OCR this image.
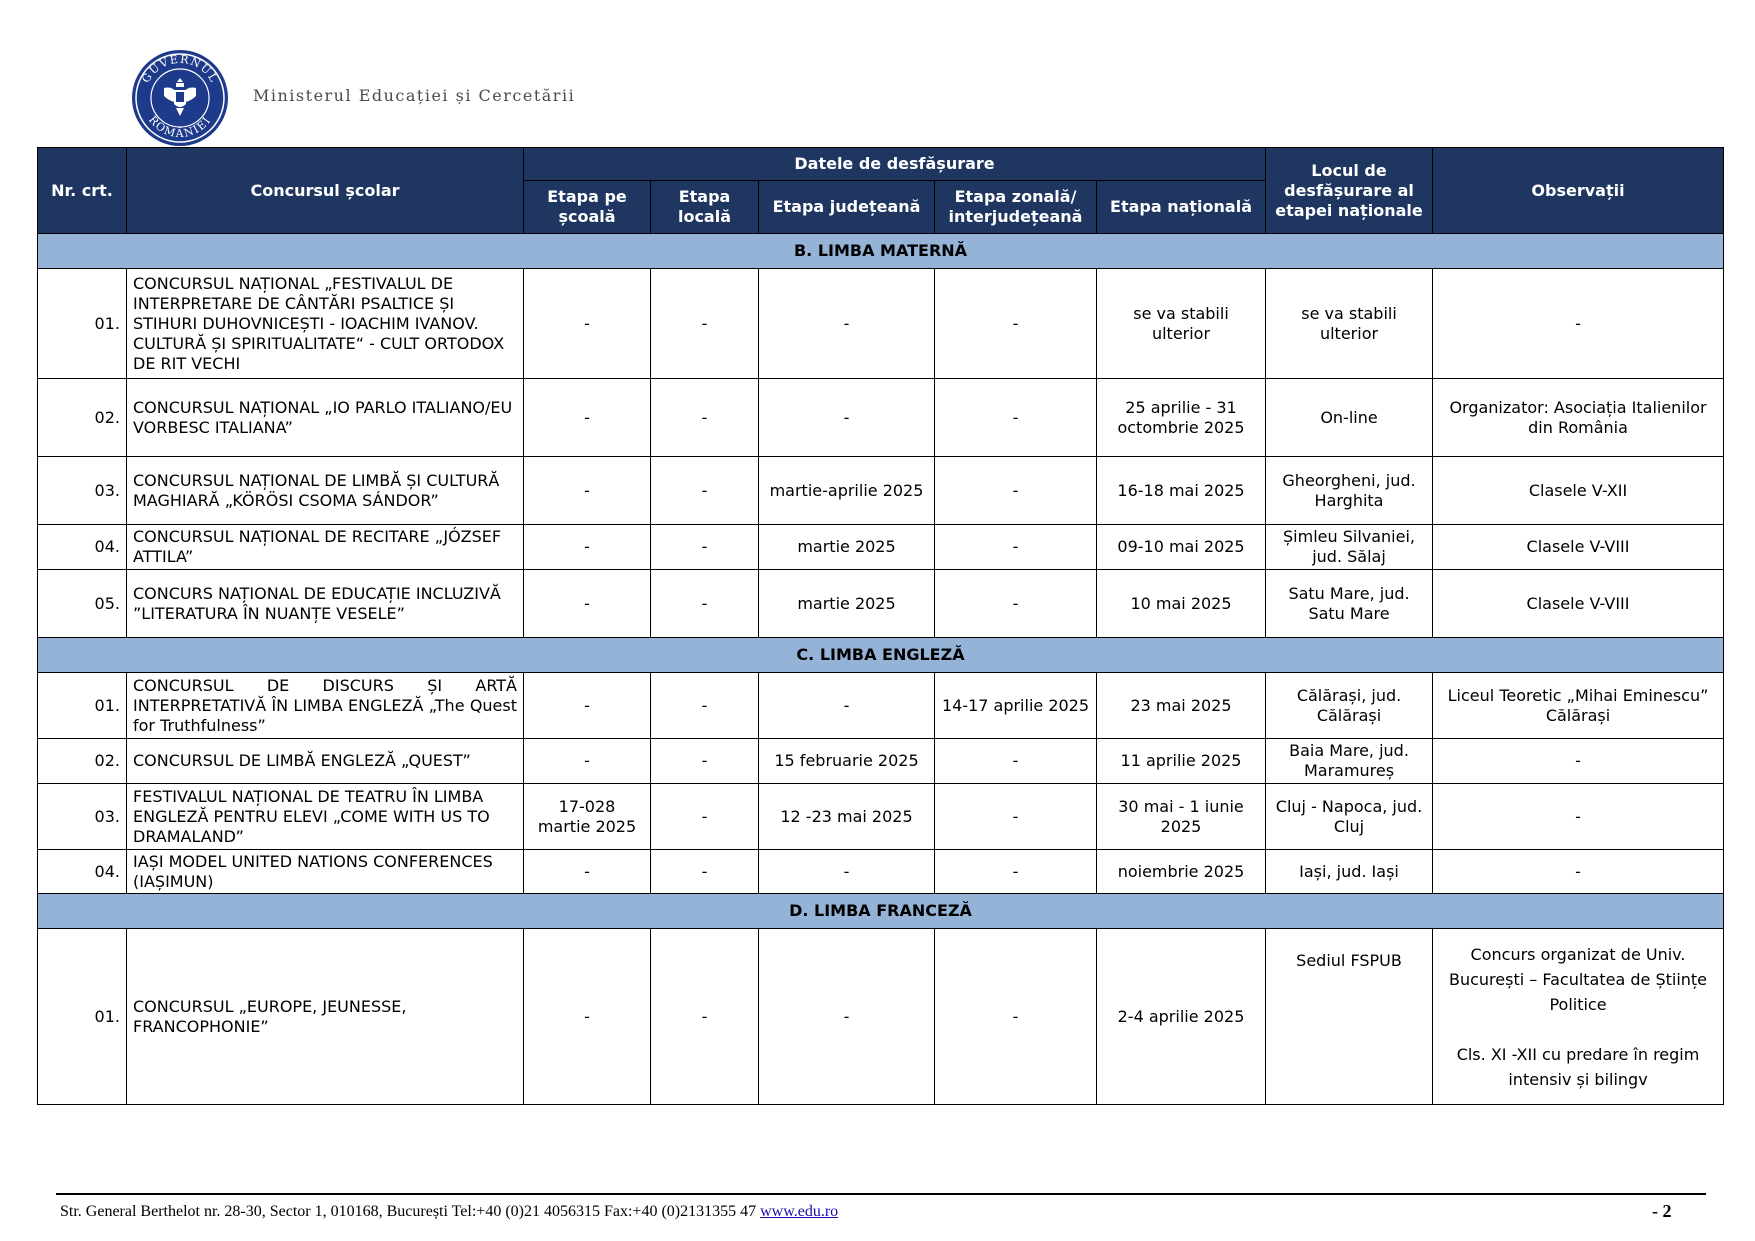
GUVERNUL
ROMÂNIEI
Ministerul Educației și Cercetării
Nr. crt.	Concursul școlar	Datele de desfășurare					Locul de desfășurare al etapei naționale	Observații
		Etapa pe școală	Etapa locală	Etapa județeană	Etapa zonală/ interjudețeană	Etapa națională		
B. LIMBA MATERNĂ								
01.	CONCURSUL NAȚIONAL „FESTIVALUL DE INTERPRETARE DE CÂNTĂRI PSALTICE ȘI STIHURI DUHOVNICEȘTI - IOACHIM IVANOV. CULTURĂ ȘI SPIRITUALITATE“ - CULT ORTODOX DE RIT VECHI	-	-	-	-	se va stabili ulterior	se va stabili ulterior	-
02.	CONCURSUL NAȚIONAL „IO PARLO ITALIANO/EU VORBESC ITALIANA”	-	-	-	-	25 aprilie - 31 octombrie 2025	On-line	Organizator: Asociația Italienilor din România
03.	CONCURSUL NAȚIONAL DE LIMBĂ ȘI CULTURĂ MAGHIARĂ „KÖRÖSI CSOMA SÁNDOR”	-	-	martie-aprilie 2025	-	16-18 mai 2025	Gheorgheni, jud. Harghita	Clasele V-XII
04.	CONCURSUL NAȚIONAL DE RECITARE „JÓZSEF ATTILA”	-	-	martie 2025	-	09-10 mai 2025	Șimleu Silvaniei, jud. Sălaj	Clasele V-VIII
05.	CONCURS NAȚIONAL DE EDUCAȚIE INCLUZIVĂ ”LITERATURA ÎN NUANȚE VESELE”	-	-	martie 2025	-	10 mai 2025	Satu Mare, jud. Satu Mare	Clasele V-VIII
C. LIMBA ENGLEZĂ								
01.	CONCURSUL DE DISCURS ȘI ARTĂ INTERPRETATIVĂ ÎN LIMBA ENGLEZĂ „The Quest for Truthfulness”	-	-	-	14-17 aprilie 2025	23 mai 2025	Călărași, jud. Călărași	Liceul Teoretic „Mihai Eminescu” Călărași
02.	CONCURSUL DE LIMBĂ ENGLEZĂ „QUEST”	-	-	15 februarie 2025	-	11 aprilie 2025	Baia Mare, jud. Maramureș	-
03.	FESTIVALUL NAȚIONAL DE TEATRU ÎN LIMBA ENGLEZĂ PENTRU ELEVI „COME WITH US TO DRAMALAND”	17-028 martie 2025	-	12 -23 mai 2025	-	30 mai - 1 iunie 2025	Cluj - Napoca, jud. Cluj	-
04.	IAȘI MODEL UNITED NATIONS CONFERENCES (IAȘIMUN)	-	-	-	-	noiembrie 2025	Iași, jud. Iași	-
D. LIMBA FRANCEZĂ								
01.	CONCURSUL „EUROPE, JEUNESSE, FRANCOPHONIE”	-	-	-	-	2-4 aprilie 2025	Sediul FSPUB	Concurs organizat de Univ. București – Facultatea de Științe Politice
Cls. XI -XII cu predare în regim intensiv și bilingv
Str. General Berthelot nr. 28-30, Sector 1, 010168, București Tel:+40 (0)21 4056315 Fax:+40 (0)2131355 47 www.edu.ro	- 2
